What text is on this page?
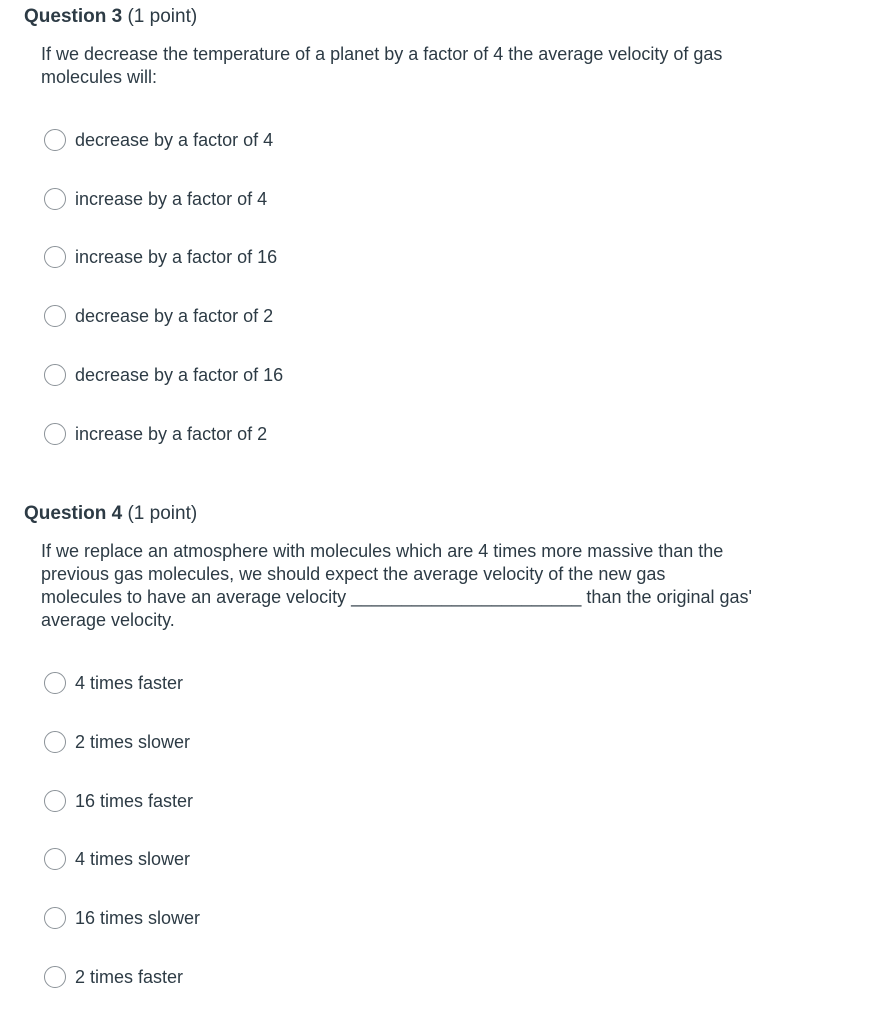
Question 3 (1 point)
If we decrease the temperature of a planet by a factor of 4 the average velocity of gas
molecules will:
decrease by a factor of 4
increase by a factor of 4
increase by a factor of 16
decrease by a factor of 2
decrease by a factor of 16
increase by a factor of 2
Question 4 (1 point)
If we replace an atmosphere with molecules which are 4 times more massive than the
previous gas molecules, we should expect the average velocity of the new gas
molecules to have an average velocity _______________________ than the original gas'
average velocity.
4 times faster
2 times slower
16 times faster
4 times slower
16 times slower
2 times faster
